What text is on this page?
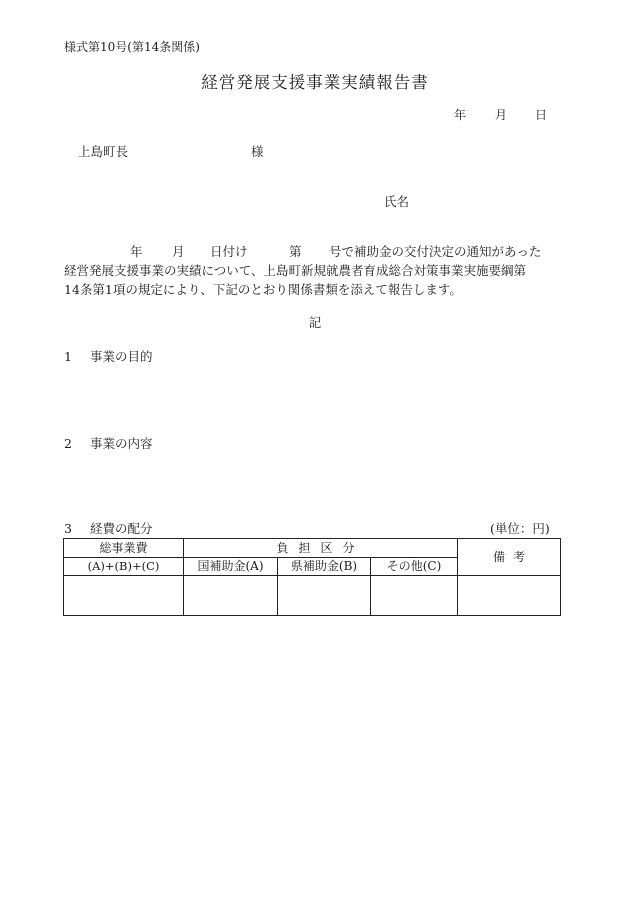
様式第10号(第14条関係)
経営発展支援事業実績報告書
年 月 日
上島町長	様
氏名
年 月 日付け	第 号で補助金の交付決定の通知があった
経営発展支援事業の実績について、上島町新規就農者育成総合対策事業実施要綱第
14条第1項の規定により、下記のとおり関係書類を添えて報告します。
記
1 事業の目的
2 事業の内容
3 経費の配分	(単位：円)
総事業費	負担区分			備考
(A)+(B)+(C)	国補助金(A)	県補助金(B)	その他(C)	
